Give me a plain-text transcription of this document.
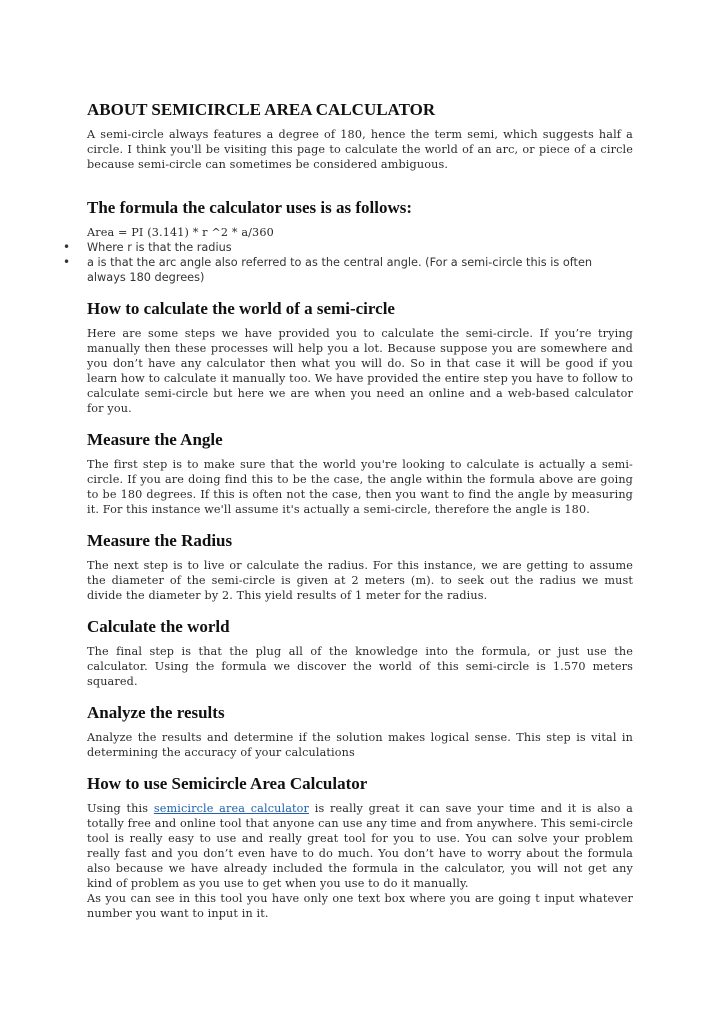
ABOUT SEMICIRCLE AREA CALCULATOR

A semi-circle always features a degree of 180, hence the term semi, which suggests half a circle. I think you'll be visiting this page to calculate the world of an arc, or piece of a circle because semi-circle can sometimes be considered ambiguous.

The formula the calculator uses is as follows:

Area = PI (3.141) * r ^2 * a/360

• Where r is that the radius
• a is that the arc angle also referred to as the central angle. (For a semi-circle this is often always 180 degrees)
How to calculate the world of a semi-circle

Here are some steps we have provided you to calculate the semi-circle. If you’re trying manually then these processes will help you a lot. Because suppose you are somewhere and you don’t have any calculator then what you will do. So in that case it will be good if you learn how to calculate it manually too. We have provided the entire step you have to follow to calculate semi-circle but here we are when you need an online and a web-based calculator for you.

Measure the Angle

The first step is to make sure that the world you're looking to calculate is actually a semi-circle. If you are doing find this to be the case, the angle within the formula above are going to be 180 degrees. If this is often not the case, then you want to find the angle by measuring it. For this instance we'll assume it's actually a semi-circle, therefore the angle is 180.

Measure the Radius

The next step is to live or calculate the radius. For this instance, we are getting to assume the diameter of the semi-circle is given at 2 meters (m). to seek out the radius we must divide the diameter by 2. This yield results of 1 meter for the radius.

Calculate the world

The final step is that the plug all of the knowledge into the formula, or just use the calculator. Using the formula we discover the world of this semi-circle is 1.570 meters squared.

Analyze the results

Analyze the results and determine if the solution makes logical sense. This step is vital in determining the accuracy of your calculations

How to use Semicircle Area Calculator

Using this semicircle area calculator is really great it can save your time and it is also a totally free and online tool that anyone can use any time and from anywhere. This semi-circle tool is really easy to use and really great tool for you to use. You can solve your problem really fast and you don’t even have to do much. You don’t have to worry about the formula also because we have already included the formula in the calculator, you will not get any kind of problem as you use to get when you use to do it manually.

As you can see in this tool you have only one text box where you are going t input whatever number you want to input in it.
